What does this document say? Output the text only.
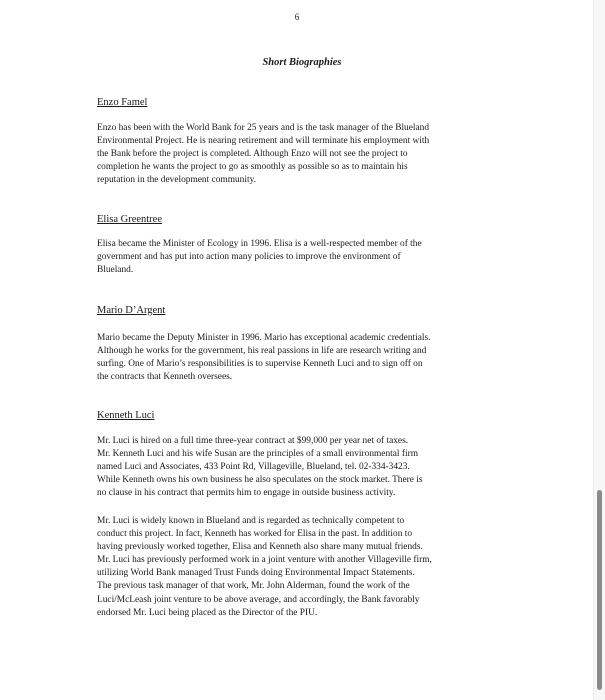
6
Short Biographies
Enzo Famel
Enzo has been with the World Bank for 25 years and is the task manager of the Blueland
Environmental Project. He is nearing retirement and will terminate his employment with
the Bank before the project is completed. Although Enzo will not see the project to
completion he wants the project to go as smoothly as possible so as to maintain his
reputation in the development community.
Elisa Greentree
Elisa became the Minister of Ecology in 1996. Elisa is a well-respected member of the
government and has put into action many policies to improve the environment of
Blueland.
Mario D’Argent
Mario became the Deputy Minister in 1996. Mario has exceptional academic credentials.
Although he works for the government, his real passions in life are research writing and
surfing. One of Mario’s responsibilities is to supervise Kenneth Luci and to sign off on
the contracts that Kenneth oversees.
Kenneth Luci
Mr. Luci is hired on a full time three-year contract at $99,000 per year net of taxes.
Mr. Kenneth Luci and his wife Susan are the principles of a small environmental firm
named Luci and Associates, 433 Point Rd, Villageville, Blueland, tel. 02-334-3423.
While Kenneth owns his own business he also speculates on the stock market. There is
no clause in his contract that permits him to engage in outside business activity.
Mr. Luci is widely known in Blueland and is regarded as technically competent to
conduct this project. In fact, Kenneth has worked for Elisa in the past. In addition to
having previously worked together, Elisa and Kenneth also share many mutual friends.
Mr. Luci has previously performed work in a joint venture with another Villageville firm,
utilizing World Bank managed Trust Funds doing Environmental Impact Statements.
The previous task manager of that work, Mr. John Alderman, found the work of the
Luci/McLeash joint venture to be above average, and accordingly, the Bank favorably
endorsed Mr. Luci being placed as the Director of the PIU.
